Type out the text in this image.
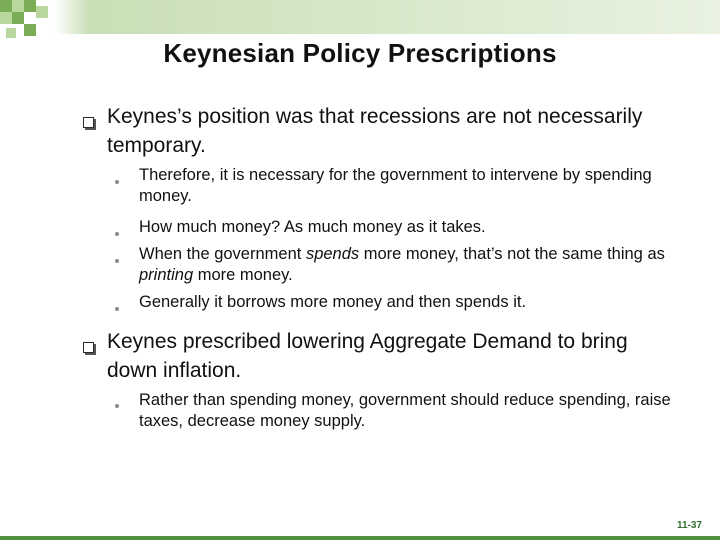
Keynesian Policy Prescriptions
Keynes’s position was that recessions are not necessarily temporary.
Therefore, it is necessary for the government to intervene by spending money.
How much money? As much money as it takes.
When the government spends more money, that’s not the same thing as printing more money.
Generally it borrows more money and then spends it.
Keynes prescribed lowering Aggregate Demand to bring down inflation.
Rather than spending money, government should reduce spending, raise taxes, decrease money supply.
11-37
